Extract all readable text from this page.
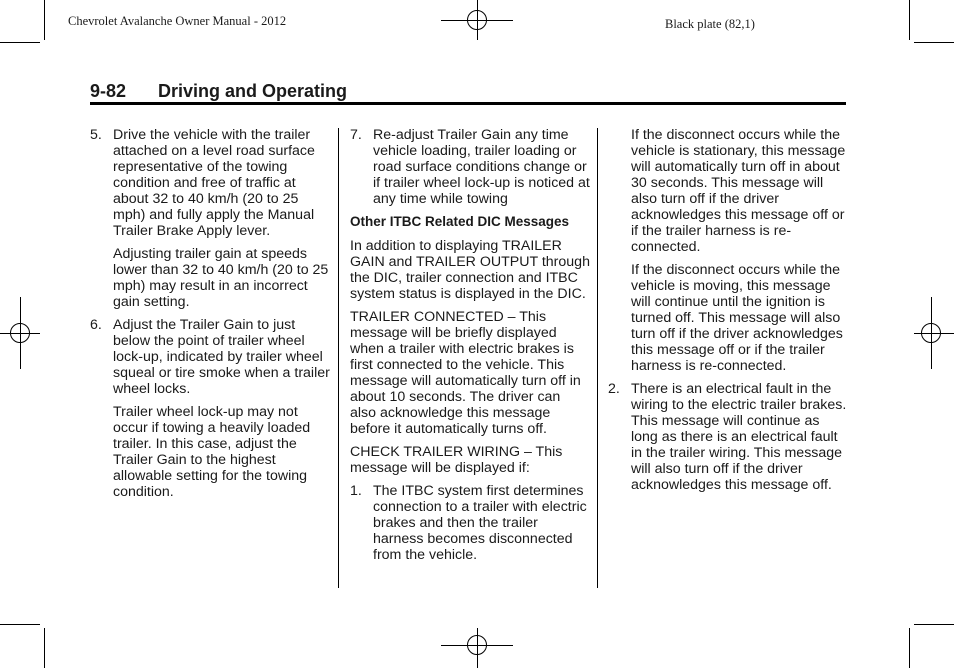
Chevrolet Avalanche Owner Manual - 2012	Black plate (82,1)
9-82 Driving and Operating
5. Drive the vehicle with the trailer attached on a level road surface representative of the towing condition and free of traffic at about 32 to 40 km/h (20 to 25 mph) and fully apply the Manual Trailer Brake Apply lever.
Adjusting trailer gain at speeds lower than 32 to 40 km/h (20 to 25 mph) may result in an incorrect gain setting.
6. Adjust the Trailer Gain to just below the point of trailer wheel lock-up, indicated by trailer wheel squeal or tire smoke when a trailer wheel locks.
Trailer wheel lock-up may not occur if towing a heavily loaded trailer. In this case, adjust the Trailer Gain to the highest allowable setting for the towing condition.
7. Re-adjust Trailer Gain any time vehicle loading, trailer loading or road surface conditions change or if trailer wheel lock-up is noticed at any time while towing
Other ITBC Related DIC Messages
In addition to displaying TRAILER GAIN and TRAILER OUTPUT through the DIC, trailer connection and ITBC system status is displayed in the DIC.
TRAILER CONNECTED – This message will be briefly displayed when a trailer with electric brakes is first connected to the vehicle. This message will automatically turn off in about 10 seconds. The driver can also acknowledge this message before it automatically turns off.
CHECK TRAILER WIRING – This message will be displayed if:
1. The ITBC system first determines connection to a trailer with electric brakes and then the trailer harness becomes disconnected from the vehicle.
If the disconnect occurs while the vehicle is stationary, this message will automatically turn off in about 30 seconds. This message will also turn off if the driver acknowledges this message off or if the trailer harness is re-connected.
If the disconnect occurs while the vehicle is moving, this message will continue until the ignition is turned off. This message will also turn off if the driver acknowledges this message off or if the trailer harness is re-connected.
2. There is an electrical fault in the wiring to the electric trailer brakes. This message will continue as long as there is an electrical fault in the trailer wiring. This message will also turn off if the driver acknowledges this message off.
